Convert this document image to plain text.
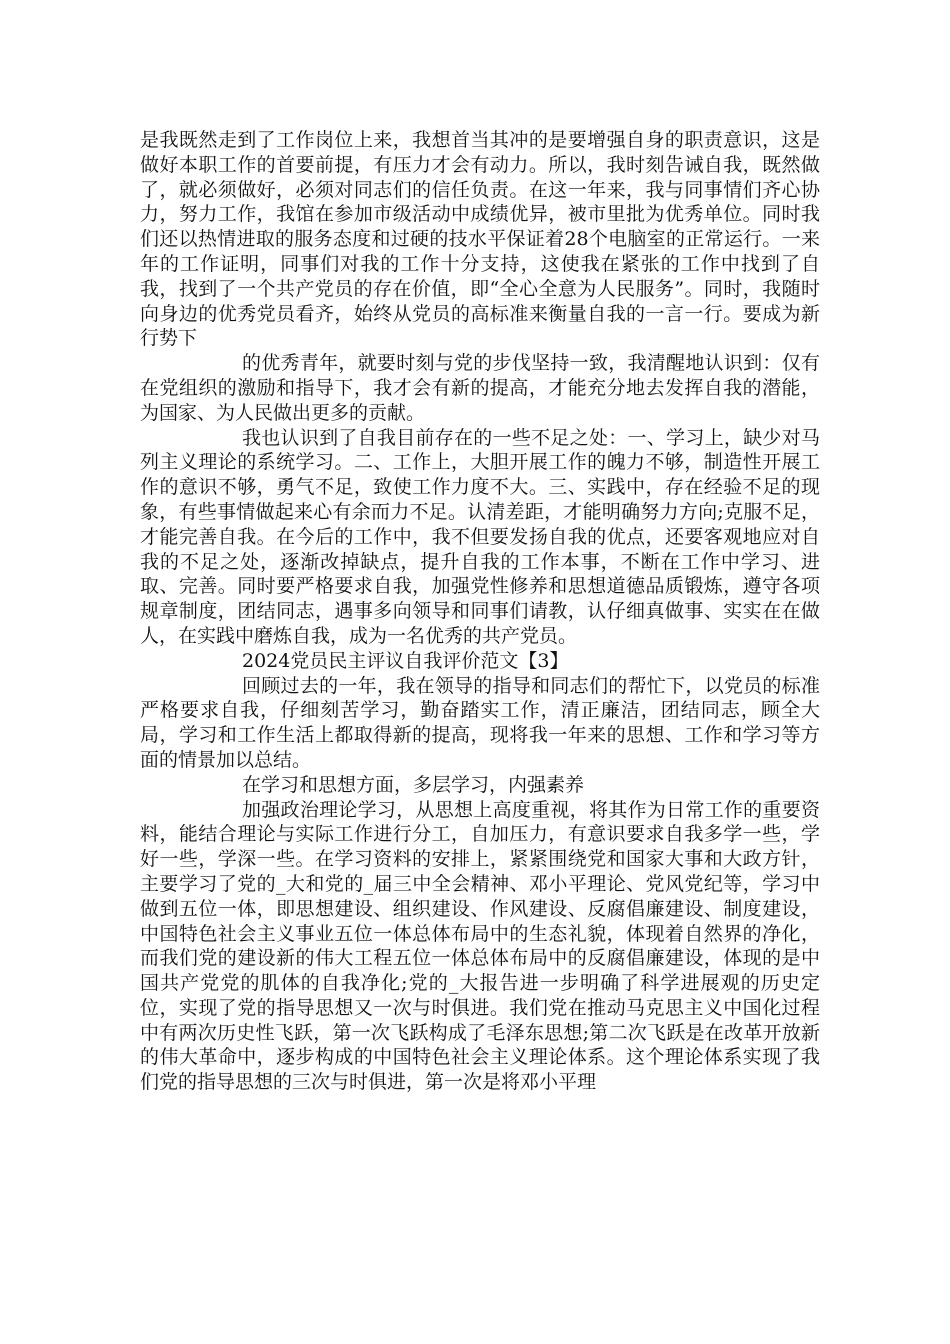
是我既然走到了工作岗位上来，我想首当其冲的是要增强自身的职责意识，这是做好本职工作的首要前提，有压力才会有动力。所以，我时刻告诫自我，既然做了，就必须做好，必须对同志们的信任负责。在这一年来，我与同事情们齐心协力，努力工作，我馆在参加市级活动中成绩优异，被市里批为优秀单位。同时我们还以热情进取的服务态度和过硬的技水平保证着28个电脑室的正常运行。一来年的工作证明，同事们对我的工作十分支持，这使我在紧张的工作中找到了自我，找到了一个共产党员的存在价值，即“全心全意为人民服务”。同时，我随时向身边的优秀党员看齐，始终从党员的高标准来衡量自我的一言一行。要成为新行势下

的优秀青年，就要时刻与党的步伐坚持一致，我清醒地认识到：仅有在党组织的激励和指导下，我才会有新的提高，才能充分地去发挥自我的潜能，为国家、为人民做出更多的贡献。

我也认识到了自我目前存在的一些不足之处：一、学习上，缺少对马列主义理论的系统学习。二、工作上，大胆开展工作的魄力不够，制造性开展工作的意识不够，勇气不足，致使工作力度不大。三、实践中，存在经验不足的现象，有些事情做起来心有余而力不足。认清差距，才能明确努力方向;克服不足，才能完善自我。在今后的工作中，我不但要发扬自我的优点，还要客观地应对自我的不足之处，逐渐改掉缺点，提升自我的工作本事，不断在工作中学习、进取、完善。同时要严格要求自我，加强党性修养和思想道德品质锻炼，遵守各项规章制度，团结同志，遇事多向领导和同事们请教，认仔细真做事、实实在在做人，在实践中磨炼自我，成为一名优秀的共产党员。

2024党员民主评议自我评价范文【3】

回顾过去的一年，我在领导的指导和同志们的帮忙下，以党员的标准严格要求自我，仔细刻苦学习，勤奋踏实工作，清正廉洁，团结同志，顾全大局，学习和工作生活上都取得新的提高，现将我一年来的思想、工作和学习等方面的情景加以总结。

在学习和思想方面，多层学习，内强素养

加强政治理论学习，从思想上高度重视，将其作为日常工作的重要资料，能结合理论与实际工作进行分工，自加压力，有意识要求自我多学一些，学好一些，学深一些。在学习资料的安排上，紧紧围绕党和国家大事和大政方针，主要学习了党的_大和党的_届三中全会精神、邓小平理论、党风党纪等，学习中做到五位一体，即思想建设、组织建设、作风建设、反腐倡廉建设、制度建设，中国特色社会主义事业五位一体总体布局中的生态礼貌，体现着自然界的净化，而我们党的建设新的伟大工程五位一体总体布局中的反腐倡廉建设，体现的是中国共产党党的肌体的自我净化;党的_大报告进一步明确了科学进展观的历史定位，实现了党的指导思想又一次与时俱进。我们党在推动马克思主义中国化过程中有两次历史性飞跃，第一次飞跃构成了毛泽东思想;第二次飞跃是在改革开放新的伟大革命中，逐步构成的中国特色社会主义理论体系。这个理论体系实现了我们党的指导思想的三次与时俱进，第一次是将邓小平理
